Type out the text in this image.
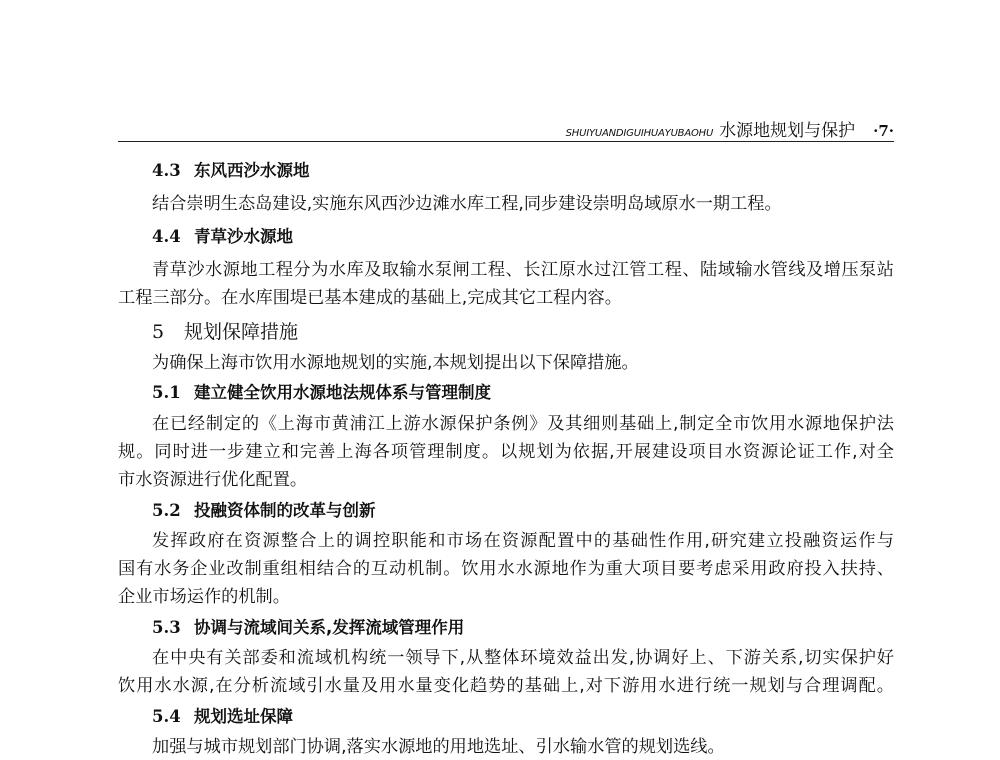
SHUIYUANDIGUIHUAYUBAOHU 水源地规划与保护 ·7·
4.3 东风西沙水源地
结合崇明生态岛建设,实施东风西沙边滩水库工程,同步建设崇明岛域原水一期工程。
4.4 青草沙水源地
青草沙水源地工程分为水库及取输水泵闸工程、长江原水过江管工程、陆域输水管线及增压泵站
工程三部分。在水库围堤已基本建成的基础上,完成其它工程内容。
5 规划保障措施
为确保上海市饮用水源地规划的实施,本规划提出以下保障措施。
5.1 建立健全饮用水源地法规体系与管理制度
在已经制定的《上海市黄浦江上游水源保护条例》及其细则基础上,制定全市饮用水源地保护法
规。同时进一步建立和完善上海各项管理制度。以规划为依据,开展建设项目水资源论证工作,对全
市水资源进行优化配置。
5.2 投融资体制的改革与创新
发挥政府在资源整合上的调控职能和市场在资源配置中的基础性作用,研究建立投融资运作与
国有水务企业改制重组相结合的互动机制。饮用水水源地作为重大项目要考虑采用政府投入扶持、
企业市场运作的机制。
5.3 协调与流域间关系,发挥流域管理作用
在中央有关部委和流域机构统一领导下,从整体环境效益出发,协调好上、下游关系,切实保护好
饮用水水源,在分析流域引水量及用水量变化趋势的基础上,对下游用水进行统一规划与合理调配。
5.4 规划选址保障
加强与城市规划部门协调,落实水源地的用地选址、引水输水管的规划选线。
